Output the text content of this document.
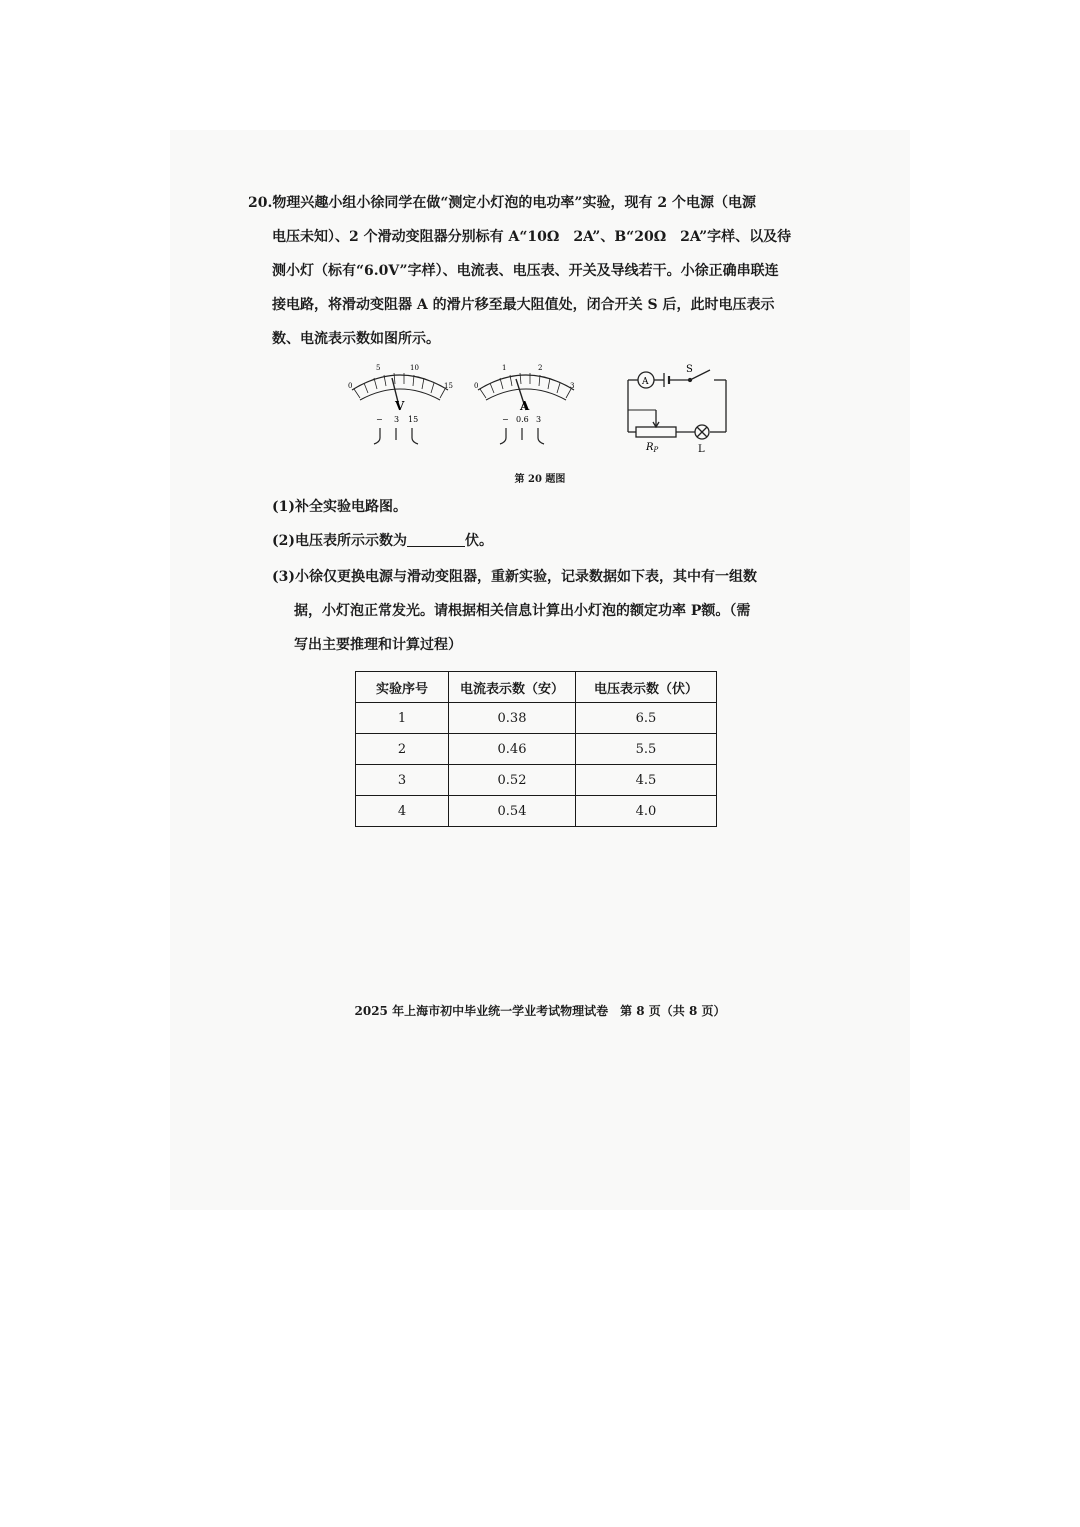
20.物理兴趣小组小徐同学在做“测定小灯泡的电功率”实验，现有 2 个电源（电源
电压未知）、2 个滑动变阻器分别标有 A“10Ω　2A”、B“20Ω　2A”字样、以及待
测小灯（标有“6.0V”字样）、电流表、电压表、开关及导线若干。小徐正确串联连
接电路，将滑动变阻器 A 的滑片移至最大阻值处，闭合开关 S 后，此时电压表示
数、电流表示数如图所示。
0
5	10
15
V
− 3 15
0
1	2
3
A
− 0.6 3
A
S
$R_P$	L
第 20 题图
(1)补全实验电路图。
(2)电压表所示示数为	伏。
(3)小徐仅更换电源与滑动变阻器，重新实验，记录数据如下表，其中有一组数
据，小灯泡正常发光。请根据相关信息计算出小灯泡的额定功率 P额。（需
写出主要推理和计算过程）
实验序号	电流表示数（安）	电压表示数（伏）
1	0.38	6.5
2	0.46	5.5
3	0.52	4.5
4	0.54	4.0
2025 年上海市初中毕业统一学业考试物理试卷 第 8 页（共 8 页）
